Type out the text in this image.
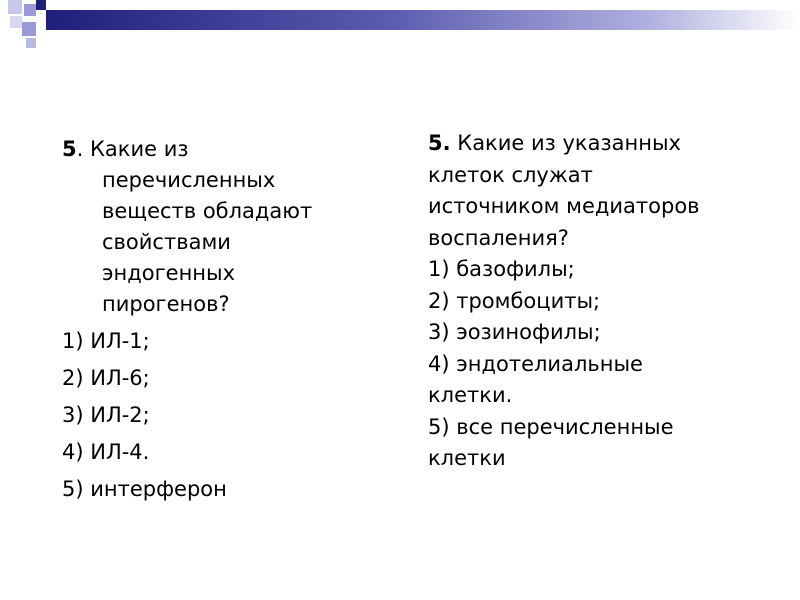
5. Какие из
перечисленных
веществ обладают
свойствами
эндогенных
пирогенов?
1) ИЛ-1;
2) ИЛ-6;
3) ИЛ-2;
4) ИЛ-4.
5) интерферон
5. Какие из указанных
клеток служат
источником медиаторов
воспаления?
1) базофилы;
2) тромбоциты;
3) эозинофилы;
4) эндотелиальные
клетки.
5) все перечисленные
клетки
